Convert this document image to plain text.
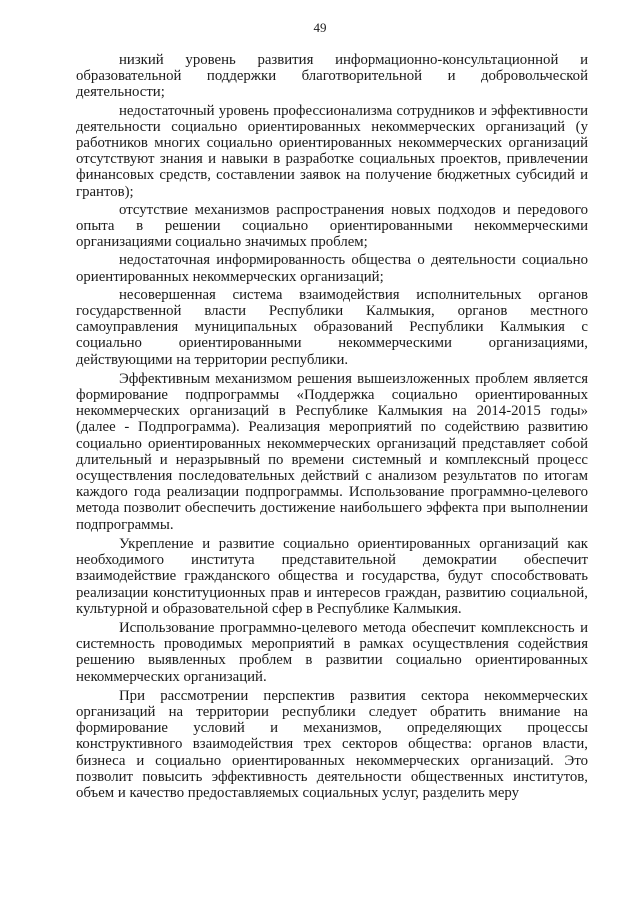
49

низкий уровень развития информационно-консультационной и образовательной поддержки благотворительной и добровольческой деятельности;

недостаточный уровень профессионализма сотрудников и эффективности деятельности социально ориентированных некоммерческих организаций (у работников многих социально ориентированных некоммерческих организаций отсутствуют знания и навыки в разработке социальных проектов, привлечении финансовых средств, составлении заявок на получение бюджетных субсидий и грантов);

отсутствие механизмов распространения новых подходов и передового опыта в решении социально ориентированными некоммерческими организациями социально значимых проблем;

недостаточная информированность общества о деятельности социально ориентированных некоммерческих организаций;

несовершенная система взаимодействия исполнительных органов государственной власти Республики Калмыкия, органов местного самоуправления муниципальных образований Республики Калмыкия с социально ориентированными некоммерческими организациями, действующими на территории республики.

Эффективным механизмом решения вышеизложенных проблем является формирование подпрограммы «Поддержка социально ориентированных некоммерческих организаций в Республике Калмыкия на 2014-2015 годы» (далее - Подпрограмма). Реализация мероприятий по содействию развитию социально ориентированных некоммерческих организаций представляет собой длительный и неразрывный по времени системный и комплексный процесс осуществления последовательных действий с анализом результатов по итогам каждого года реализации подпрограммы. Использование программно-целевого метода позволит обеспечить достижение наибольшего эффекта при выполнении подпрограммы.

Укрепление и развитие социально ориентированных организаций как необходимого института представительной демократии обеспечит взаимодействие гражданского общества и государства, будут способствовать реализации конституционных прав и интересов граждан, развитию социальной, культурной и образовательной сфер в Республике Калмыкия.

Использование программно-целевого метода обеспечит комплексность и системность проводимых мероприятий в рамках осуществления содействия решению выявленных проблем в развитии социально ориентированных некоммерческих организаций.

При рассмотрении перспектив развития сектора некоммерческих организаций на территории республики следует обратить внимание на формирование условий и механизмов, определяющих процессы конструктивного взаимодействия трех секторов общества: органов власти, бизнеса и социально ориентированных некоммерческих организаций. Это позволит повысить эффективность деятельности общественных институтов, объем и качество предоставляемых социальных услуг, разделить меру
